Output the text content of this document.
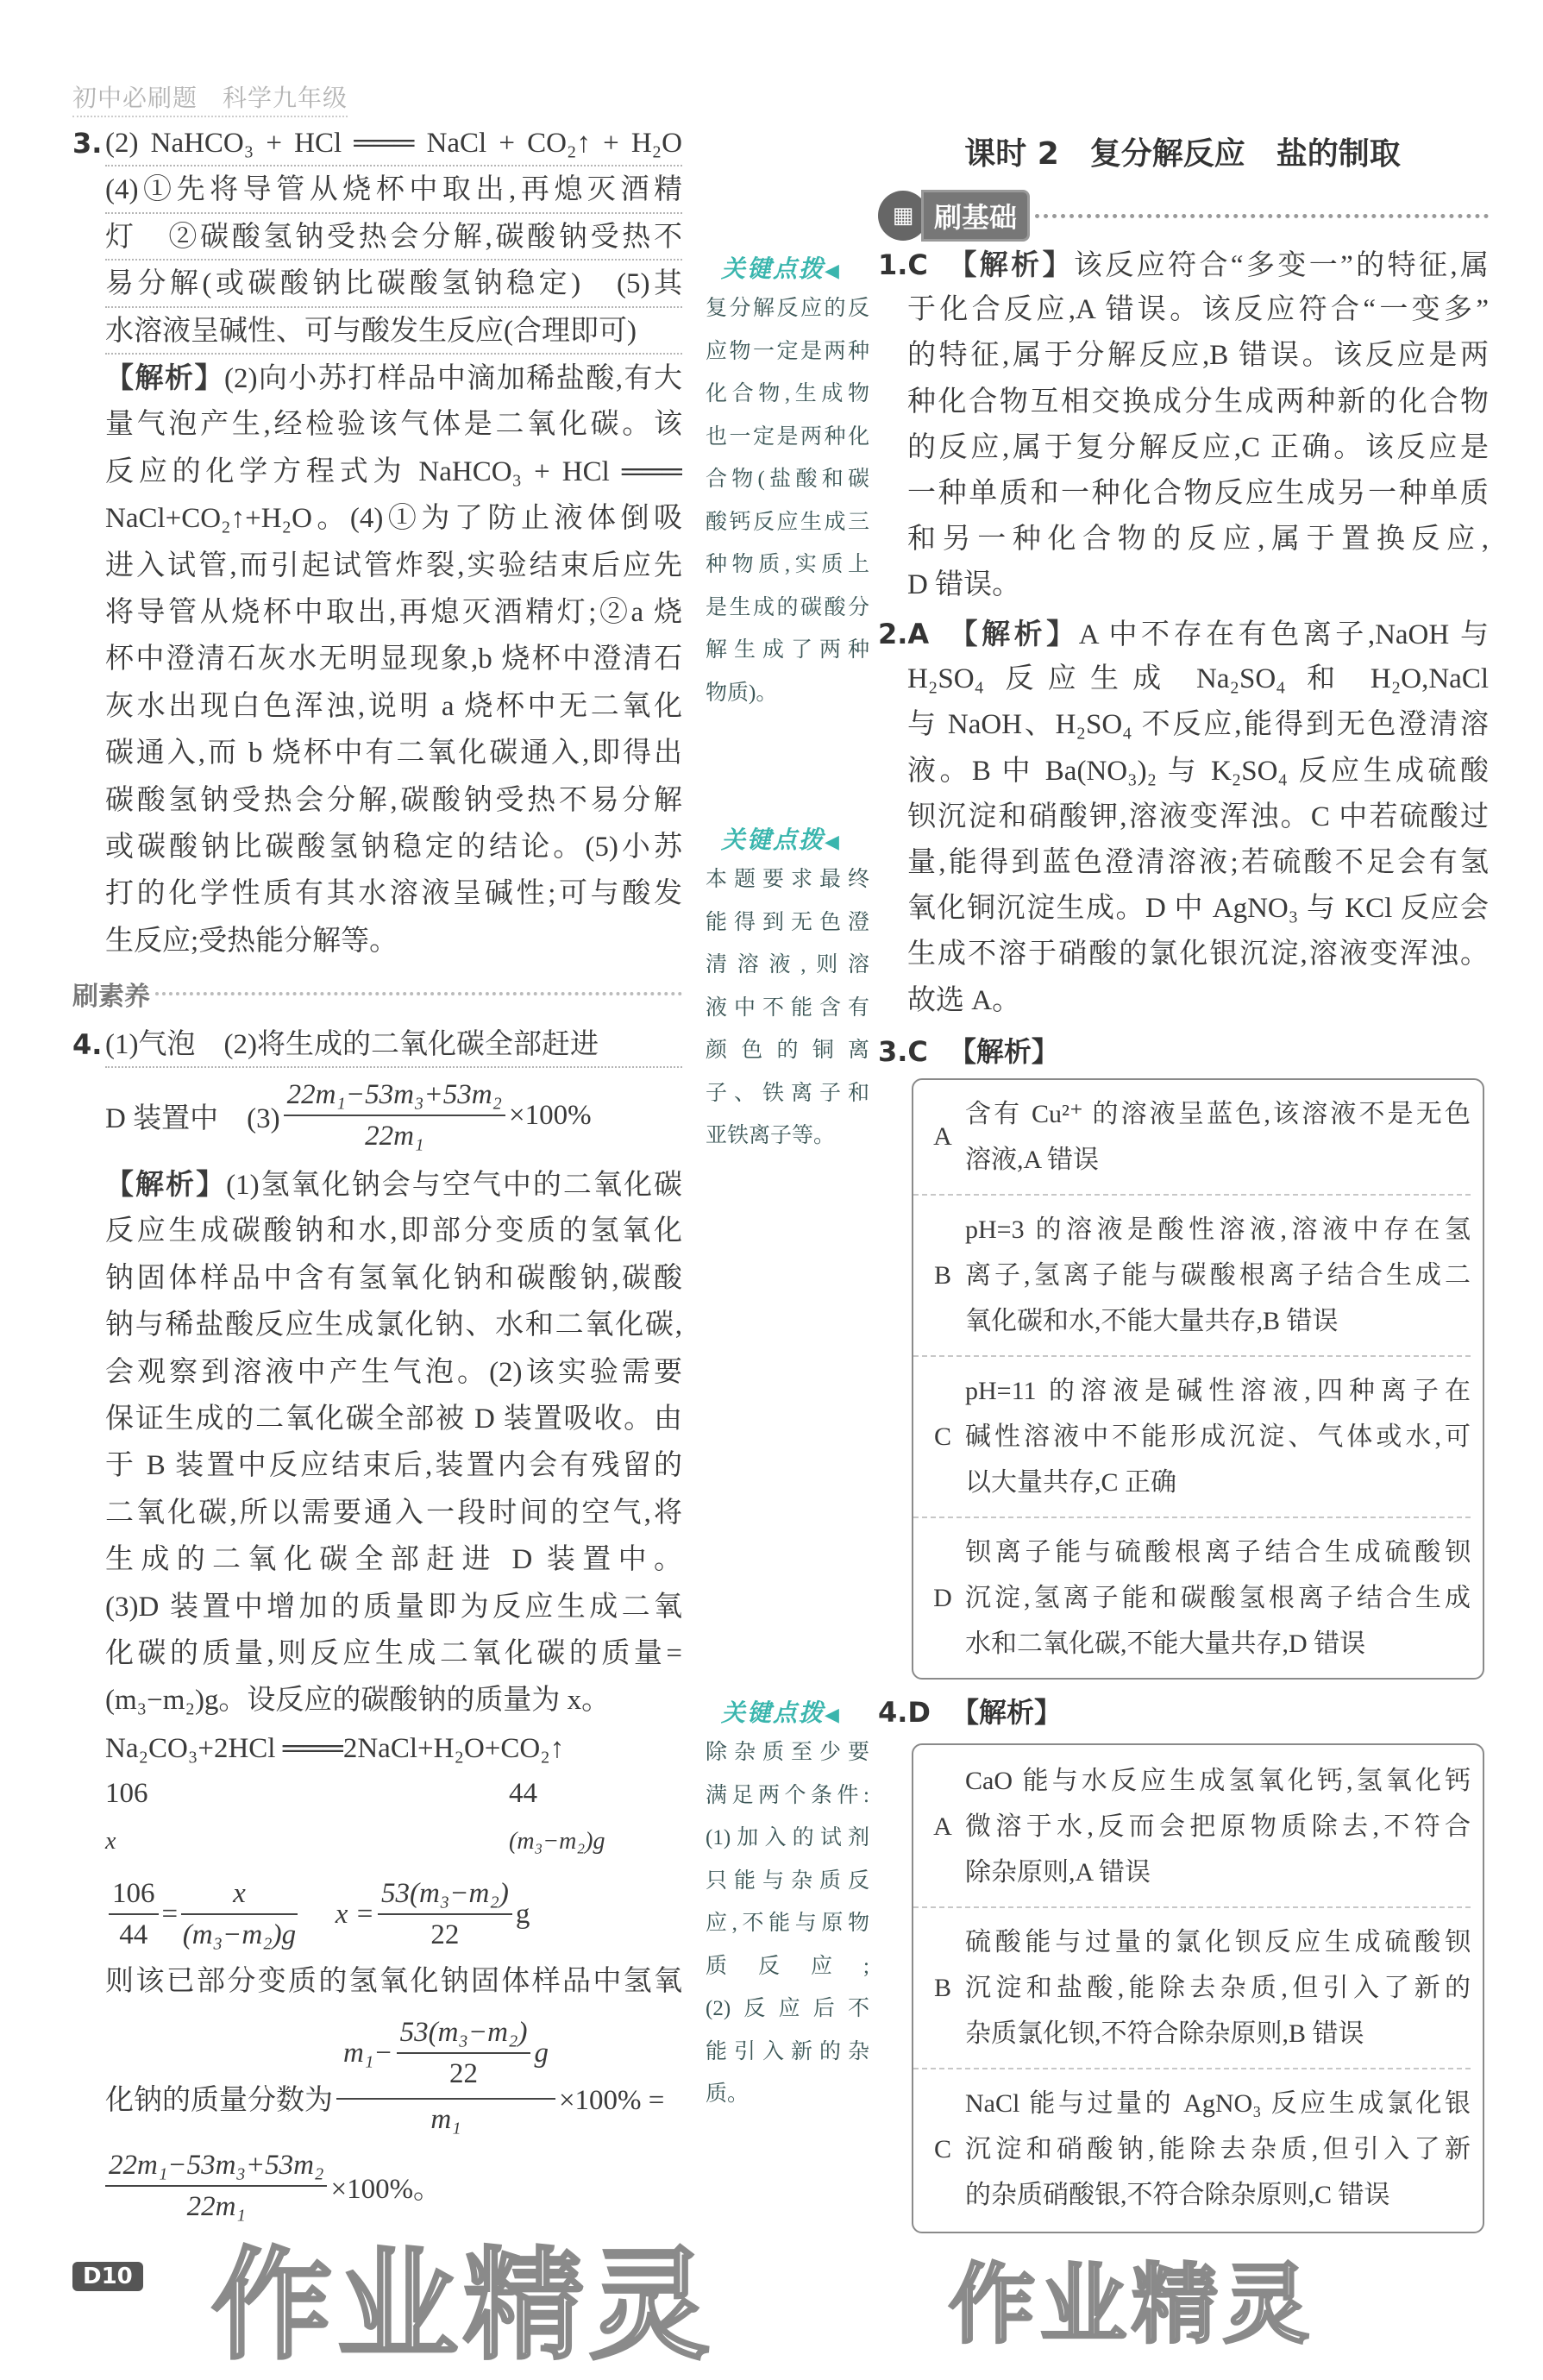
初中必刷题　科学九年级
3. (2) NaHCO₃ + HCl ═══ NaCl + CO₂↑ + H₂O
(4)①先将导管从烧杯中取出,再熄灭酒精
灯　②碳酸氢钠受热会分解,碳酸钠受热不
易分解(或碳酸钠比碳酸氢钠稳定)　(5)其
水溶液呈碱性、可与酸发生反应(合理即可)
【解析】(2)向小苏打样品中滴加稀盐酸,有大
量气泡产生,经检验该气体是二氧化碳。该
反应的化学方程式为 NaHCO₃ + HCl ═══
NaCl+CO₂↑+H₂O。(4)①为了防止液体倒吸
进入试管,而引起试管炸裂,实验结束后应先
将导管从烧杯中取出,再熄灭酒精灯;②a 烧
杯中澄清石灰水无明显现象,b 烧杯中澄清石
灰水出现白色浑浊,说明 a 烧杯中无二氧化
碳通入,而 b 烧杯中有二氧化碳通入,即得出
碳酸氢钠受热会分解,碳酸钠受热不易分解
或碳酸钠比碳酸氢钠稳定的结论。(5)小苏
打的化学性质有其水溶液呈碱性;可与酸发
生反应;受热能分解等。
刷素养
4. (1)气泡　(2)将生成的二氧化碳全部赶进
D 装置中　$(3) \frac{\text{22m₁−53m₃+53m₂}}{\text{22m₁}} \times 100\%$
【解析】(1)氢氧化钠会与空气中的二氧化碳
反应生成碳酸钠和水,即部分变质的氢氧化
钠固体样品中含有氢氧化钠和碳酸钠,碳酸
钠与稀盐酸反应生成氯化钠、水和二氧化碳,
会观察到溶液中产生气泡。(2)该实验需要
保证生成的二氧化碳全部被 D 装置吸收。由
于 B 装置中反应结束后,装置内会有残留的
二氧化碳,所以需要通入一段时间的空气,将
生成的二氧化碳全部赶进 D 装置中。
(3)D 装置中增加的质量即为反应生成二氧
化碳的质量,则反应生成二氧化碳的质量=
(m₃−m₂)g。设反应的碳酸钠的质量为 x。
Na₂CO₃+2HCl ═══2NaCl+H₂O+CO₂↑
106	44
x	(m₃−m₂)g
$\frac{106}{44} = \frac{x}{\text{(m₃−m₂)g}}$ $x = \frac{\text{53(m₃−m₂)}}{22}$ g
则该已部分变质的氢氧化钠固体样品中氢氧
化钠的质量分数为 $\frac{m_1- \frac{\text{53(m₃−m₂)}}{22} g}{\text{m₁}} \times 100\%$ =
$\frac{\text{22m₁−53m₃+53m₂}}{\text{22m₁}} \times 100\%$。
D10 作业精灵	作业精灵
课时 2　复分解反应　盐的制取
▦ 刷基础
关键点拨◀
复分解反应的反
应物一定是两种
化合物,生成物
也一定是两种化
合物(盐酸和碳
酸钙反应生成三
种物质,实质上
是生成的碳酸分
解生成了两种
物质)。
关键点拨◀
本题要求最终
能得到无色澄
清溶液,则溶
液中不能含有
颜色的铜离
子、铁离子和
亚铁离子等。
关键点拨◀
除杂质至少要
满足两个条件:
(1)加入的试剂
只能与杂质反
应,不能与原物
质反应;
(2)反应后不
能引入新的杂
质。
1.C 【解析】该反应符合“多变一”的特征,属
于化合反应,A 错误。该反应符合“一变多”
的特征,属于分解反应,B 错误。该反应是两
种化合物互相交换成分生成两种新的化合物
的反应,属于复分解反应,C 正确。该反应是
一种单质和一种化合物反应生成另一种单质
和另一种化合物的反应,属于置换反应,
D 错误。
2.A 【解析】A 中不存在有色离子,NaOH 与
H₂SO₄ 反应生成 Na₂SO₄ 和 H₂O,NaCl
与 NaOH、H₂SO₄ 不反应,能得到无色澄清溶
液。B 中 Ba(NO₃)₂ 与 K₂SO₄ 反应生成硫酸
钡沉淀和硝酸钾,溶液变浑浊。C 中若硫酸过
量,能得到蓝色澄清溶液;若硫酸不足会有氢
氧化铜沉淀生成。D 中 AgNO₃ 与 KCl 反应会
生成不溶于硝酸的氯化银沉淀,溶液变浑浊。
故选 A。
3.C 【解析】
A
含有 Cu²⁺ 的溶液呈蓝色,该溶液不是无色
溶液,A 错误
B
pH=3 的溶液是酸性溶液,溶液中存在氢
离子,氢离子能与碳酸根离子结合生成二
氧化碳和水,不能大量共存,B 错误
C
pH=11 的溶液是碱性溶液,四种离子在
碱性溶液中不能形成沉淀、气体或水,可
以大量共存,C 正确
D
钡离子能与硫酸根离子结合生成硫酸钡
沉淀,氢离子能和碳酸氢根离子结合生成
水和二氧化碳,不能大量共存,D 错误
4.D 【解析】
A
CaO 能与水反应生成氢氧化钙,氢氧化钙
微溶于水,反而会把原物质除去,不符合
除杂原则,A 错误
B
硫酸能与过量的氯化钡反应生成硫酸钡
沉淀和盐酸,能除去杂质,但引入了新的
杂质氯化钡,不符合除杂原则,B 错误
C
NaCl 能与过量的 AgNO₃ 反应生成氯化银
沉淀和硝酸钠,能除去杂质,但引入了新
的杂质硝酸银,不符合除杂原则,C 错误
